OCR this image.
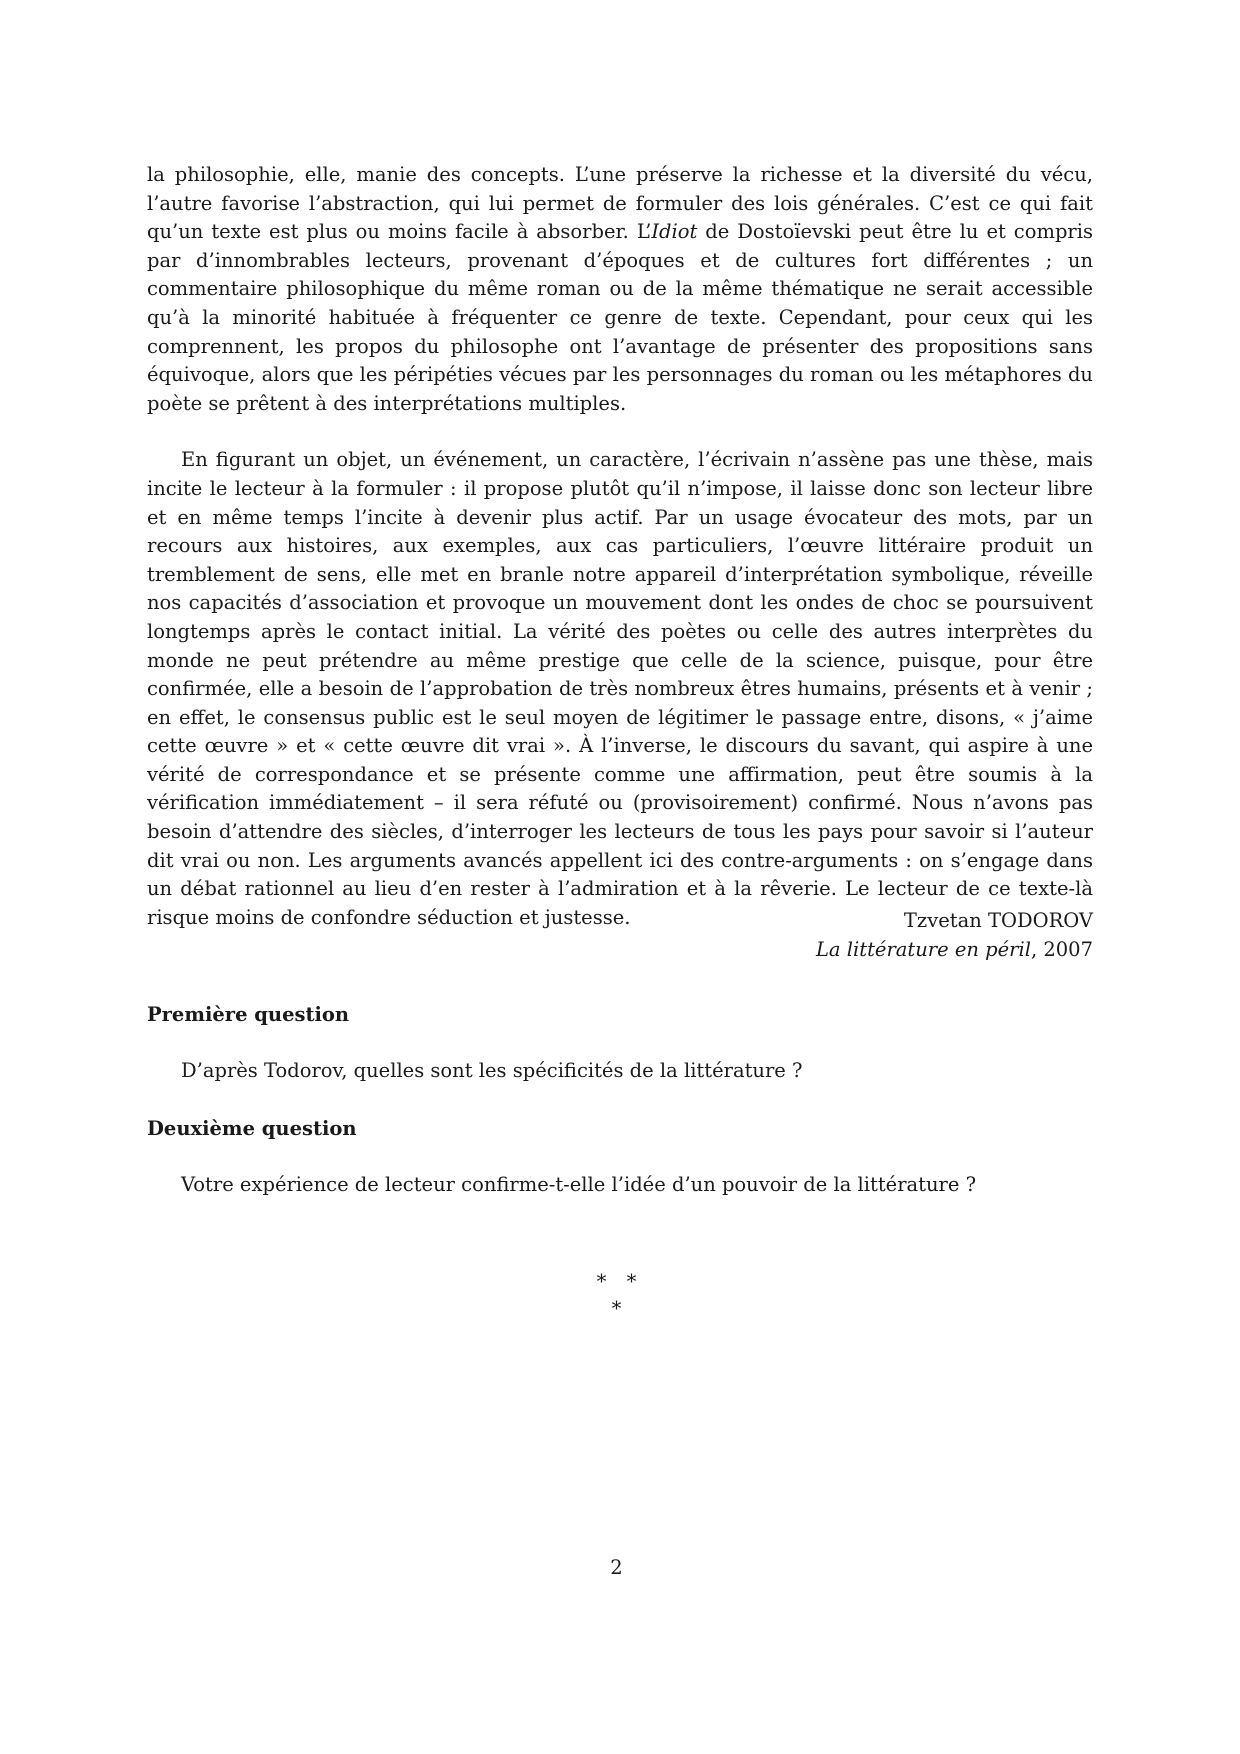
la philosophie, elle, manie des concepts. L’une préserve la richesse et la diversité du vécu, l’autre favorise l’abstraction, qui lui permet de formuler des lois générales. C’est ce qui fait qu’un texte est plus ou moins facile à absorber. L’Idiot de Dostoïevski peut être lu et compris par d’innombrables lecteurs, provenant d’époques et de cultures fort différentes ; un commentaire philosophique du même roman ou de la même thématique ne serait accessible qu’à la minorité habituée à fréquenter ce genre de texte. Cependant, pour ceux qui les comprennent, les propos du philosophe ont l’avantage de présenter des propositions sans équivoque, alors que les péripéties vécues par les personnages du roman ou les métaphores du poète se prêtent à des interprétations multiples.

En figurant un objet, un événement, un caractère, l’écrivain n’assène pas une thèse, mais incite le lecteur à la formuler : il propose plutôt qu’il n’impose, il laisse donc son lecteur libre et en même temps l’incite à devenir plus actif. Par un usage évocateur des mots, par un recours aux histoires, aux exemples, aux cas particuliers, l’œuvre littéraire produit un tremblement de sens, elle met en branle notre appareil d’interprétation symbolique, réveille nos capacités d’association et provoque un mouvement dont les ondes de choc se poursuivent longtemps après le contact initial. La vérité des poètes ou celle des autres interprètes du monde ne peut prétendre au même prestige que celle de la science, puisque, pour être confirmée, elle a besoin de l’approbation de très nombreux êtres humains, présents et à venir ; en effet, le consensus public est le seul moyen de légitimer le passage entre, disons, « j’aime cette œuvre » et « cette œuvre dit vrai ». À l’inverse, le discours du savant, qui aspire à une vérité de correspondance et se présente comme une affirmation, peut être soumis à la vérification immédiatement – il sera réfuté ou (provisoirement) confirmé. Nous n’avons pas besoin d’attendre des siècles, d’interroger les lecteurs de tous les pays pour savoir si l’auteur dit vrai ou non. Les arguments avancés appellent ici des contre-arguments : on s’engage dans un débat rationnel au lieu d’en rester à l’admiration et à la rêverie. Le lecteur de ce texte-là risque moins de confondre séduction et justesse.	Tzvetan TODOROV
La littérature en péril, 2007
Première question
D’après Todorov, quelles sont les spécificités de la littérature ?
Deuxième question
Votre expérience de lecteur confirme-t-elle l’idée d’un pouvoir de la littérature ?
* *
*
2
